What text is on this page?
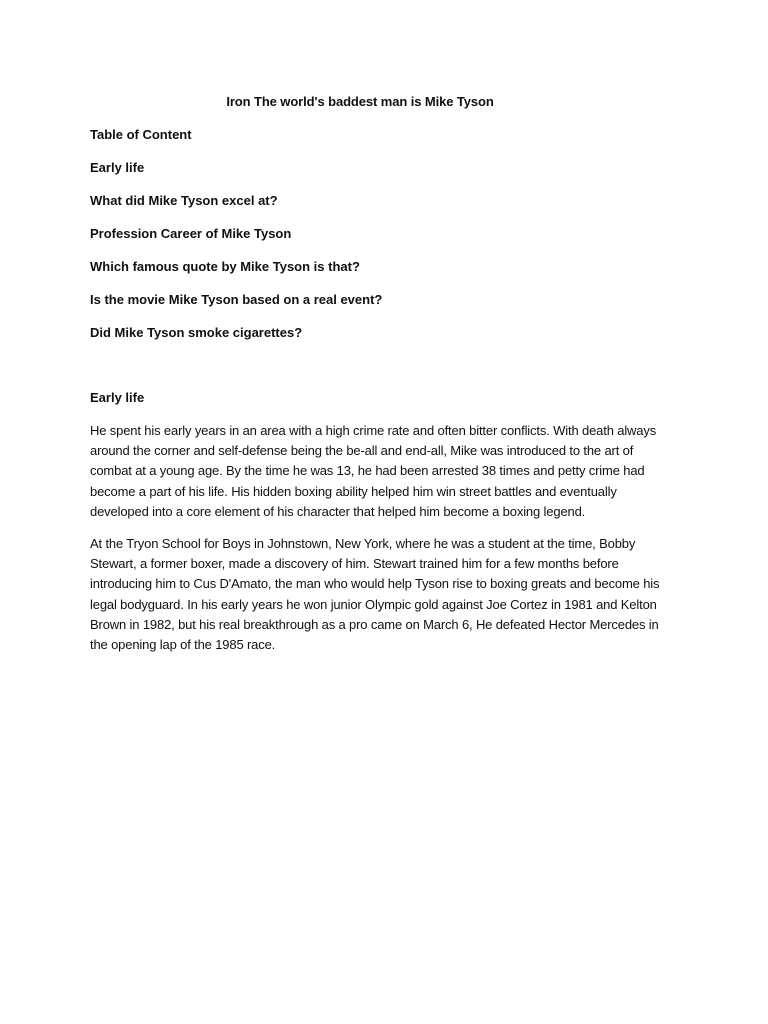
Iron The world's baddest man is Mike Tyson
Table of Content
Early life
What did Mike Tyson excel at?
Profession Career of Mike Tyson
Which famous quote by Mike Tyson is that?
Is the movie Mike Tyson based on a real event?
Did Mike Tyson smoke cigarettes?
Early life

He spent his early years in an area with a high crime rate and often bitter conflicts. With death always around the corner and self-defense being the be-all and end-all, Mike was introduced to the art of combat at a young age. By the time he was 13, he had been arrested 38 times and petty crime had become a part of his life. His hidden boxing ability helped him win street battles and eventually developed into a core element of his character that helped him become a boxing legend.

At the Tryon School for Boys in Johnstown, New York, where he was a student at the time, Bobby Stewart, a former boxer, made a discovery of him. Stewart trained him for a few months before introducing him to Cus D'Amato, the man who would help Tyson rise to boxing greats and become his legal bodyguard. In his early years he won junior Olympic gold against Joe Cortez in 1981 and Kelton Brown in 1982, but his real breakthrough as a pro came on March 6, He defeated Hector Mercedes in the opening lap of the 1985 race.
